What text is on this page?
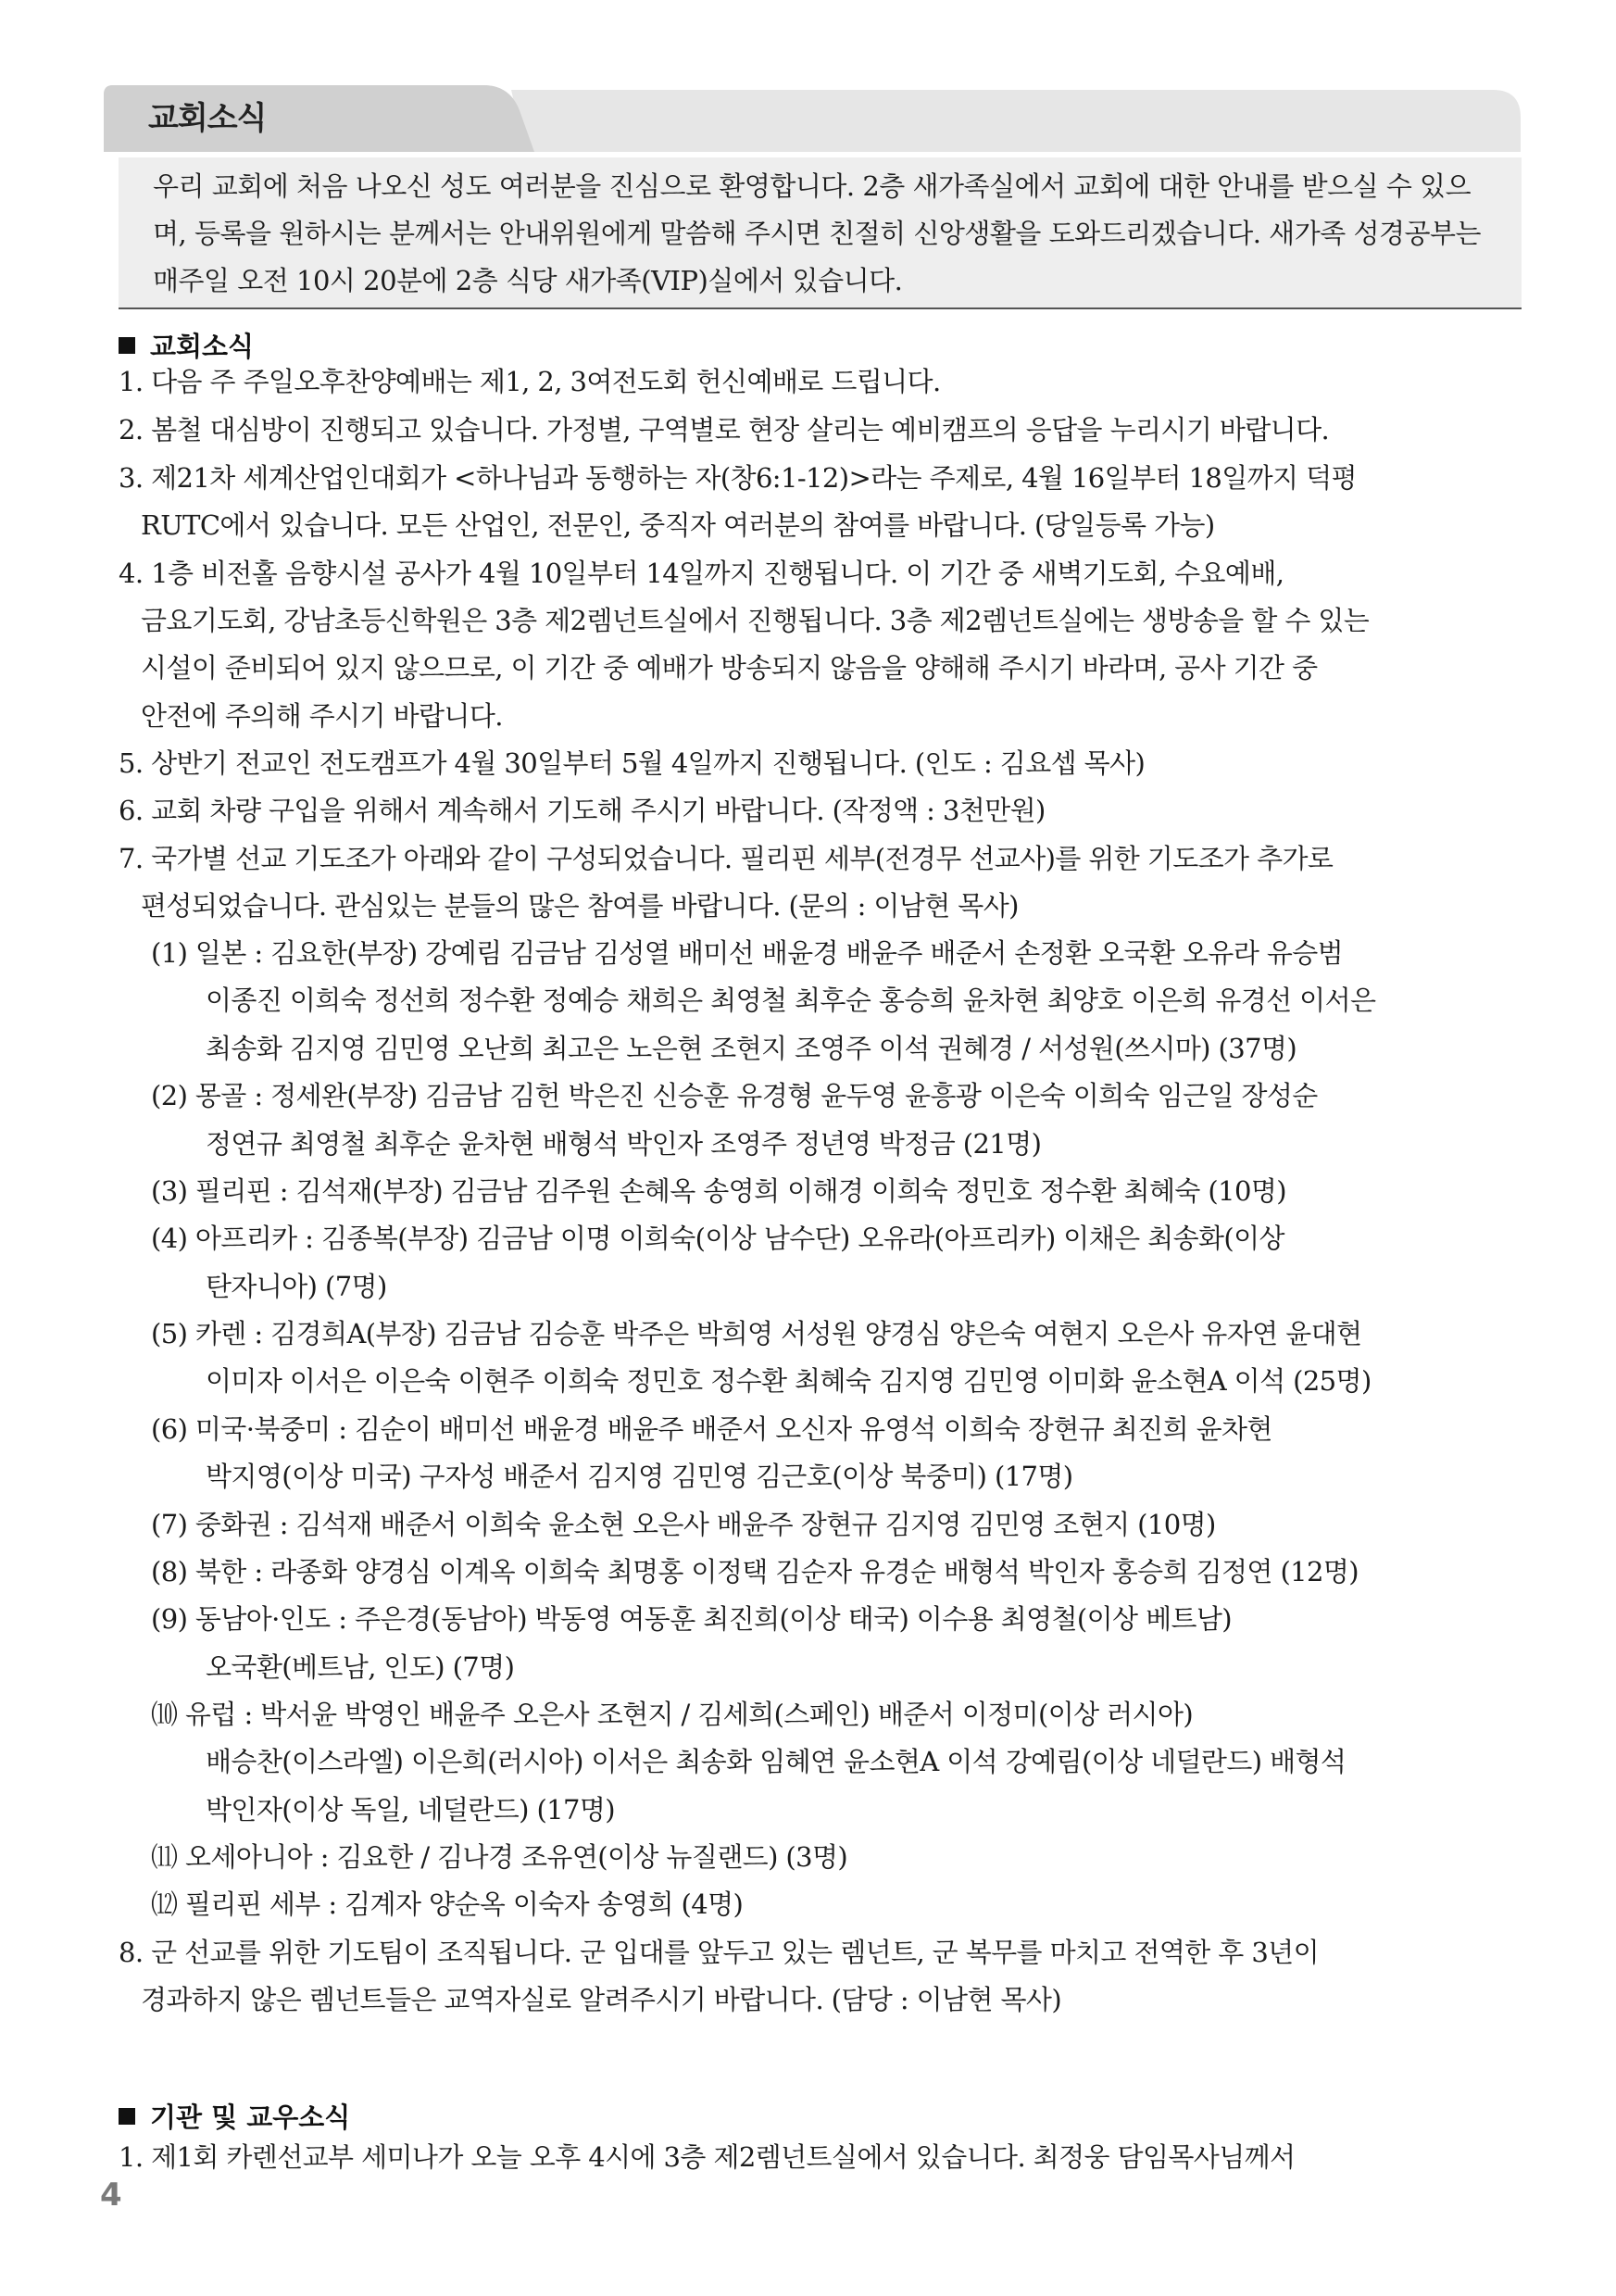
교회소식

우리 교회에 처음 나오신 성도 여러분을 진심으로 환영합니다. 2층 새가족실에서 교회에 대한 안내를 받으실 수 있으며, 등록을 원하시는 분께서는 안내위원에게 말씀해 주시면 친절히 신앙생활을 도와드리겠습니다. 새가족 성경공부는 매주일 오전 10시 20분에 2층 식당 새가족(VIP)실에서 있습니다.

교회소식
1. 다음 주 주일오후찬양예배는 제1, 2, 3여전도회 헌신예배로 드립니다.
2. 봄철 대심방이 진행되고 있습니다. 가정별, 구역별로 현장 살리는 예비캠프의 응답을 누리시기 바랍니다.
3. 제21차 세계산업인대회가 <하나님과 동행하는 자(창6:1-12)>라는 주제로, 4월 16일부터 18일까지 덕평
RUTC에서 있습니다. 모든 산업인, 전문인, 중직자 여러분의 참여를 바랍니다. (당일등록 가능)
4. 1층 비전홀 음향시설 공사가 4월 10일부터 14일까지 진행됩니다. 이 기간 중 새벽기도회, 수요예배,
금요기도회, 강남초등신학원은 3층 제2렘넌트실에서 진행됩니다. 3층 제2렘넌트실에는 생방송을 할 수 있는
시설이 준비되어 있지 않으므로, 이 기간 중 예배가 방송되지 않음을 양해해 주시기 바라며, 공사 기간 중
안전에 주의해 주시기 바랍니다.
5. 상반기 전교인 전도캠프가 4월 30일부터 5월 4일까지 진행됩니다. (인도 : 김요셉 목사)
6. 교회 차량 구입을 위해서 계속해서 기도해 주시기 바랍니다. (작정액 : 3천만원)
7. 국가별 선교 기도조가 아래와 같이 구성되었습니다. 필리핀 세부(전경무 선교사)를 위한 기도조가 추가로
편성되었습니다. 관심있는 분들의 많은 참여를 바랍니다. (문의 : 이남현 목사)
(1) 일본 : 김요한(부장) 강예림 김금남 김성열 배미선 배윤경 배윤주 배준서 손정환 오국환 오유라 유승범
이종진 이희숙 정선희 정수환 정예승 채희은 최영철 최후순 홍승희 윤차현 최양호 이은희 유경선 이서은
최송화 김지영 김민영 오난희 최고은 노은현 조현지 조영주 이석 권혜경 / 서성원(쓰시마) (37명)
(2) 몽골 : 정세완(부장) 김금남 김헌 박은진 신승훈 유경형 윤두영 윤흥광 이은숙 이희숙 임근일 장성순
정연규 최영철 최후순 윤차현 배형석 박인자 조영주 정년영 박정금 (21명)
(3) 필리핀 : 김석재(부장) 김금남 김주원 손혜옥 송영희 이해경 이희숙 정민호 정수환 최혜숙 (10명)
(4) 아프리카 : 김종복(부장) 김금남 이명 이희숙(이상 남수단) 오유라(아프리카) 이채은 최송화(이상
탄자니아) (7명)
(5) 카렌 : 김경희A(부장) 김금남 김승훈 박주은 박희영 서성원 양경심 양은숙 여현지 오은사 유자연 윤대현
이미자 이서은 이은숙 이현주 이희숙 정민호 정수환 최혜숙 김지영 김민영 이미화 윤소현A 이석 (25명)
(6) 미국·북중미 : 김순이 배미선 배윤경 배윤주 배준서 오신자 유영석 이희숙 장현규 최진희 윤차현
박지영(이상 미국) 구자성 배준서 김지영 김민영 김근호(이상 북중미) (17명)
(7) 중화권 : 김석재 배준서 이희숙 윤소현 오은사 배윤주 장현규 김지영 김민영 조현지 (10명)
(8) 북한 : 라종화 양경심 이계옥 이희숙 최명홍 이정택 김순자 유경순 배형석 박인자 홍승희 김정연 (12명)
(9) 동남아·인도 : 주은경(동남아) 박동영 여동훈 최진희(이상 태국) 이수용 최영철(이상 베트남)
오국환(베트남, 인도) (7명)
⑽ 유럽 : 박서윤 박영인 배윤주 오은사 조현지 / 김세희(스페인) 배준서 이정미(이상 러시아)
배승찬(이스라엘) 이은희(러시아) 이서은 최송화 임혜연 윤소현A 이석 강예림(이상 네덜란드) 배형석
박인자(이상 독일, 네덜란드) (17명)
⑾ 오세아니아 : 김요한 / 김나경 조유연(이상 뉴질랜드) (3명)
⑿ 필리핀 세부 : 김계자 양순옥 이숙자 송영희 (4명)
8. 군 선교를 위한 기도팀이 조직됩니다. 군 입대를 앞두고 있는 렘넌트, 군 복무를 마치고 전역한 후 3년이
경과하지 않은 렘넌트들은 교역자실로 알려주시기 바랍니다. (담당 : 이남현 목사)
1. 제1회 카렌선교부 세미나가 오늘 오후 4시에 3층 제2렘넌트실에서 있습니다. 최정웅 담임목사님께서
기관 및 교우소식
4
